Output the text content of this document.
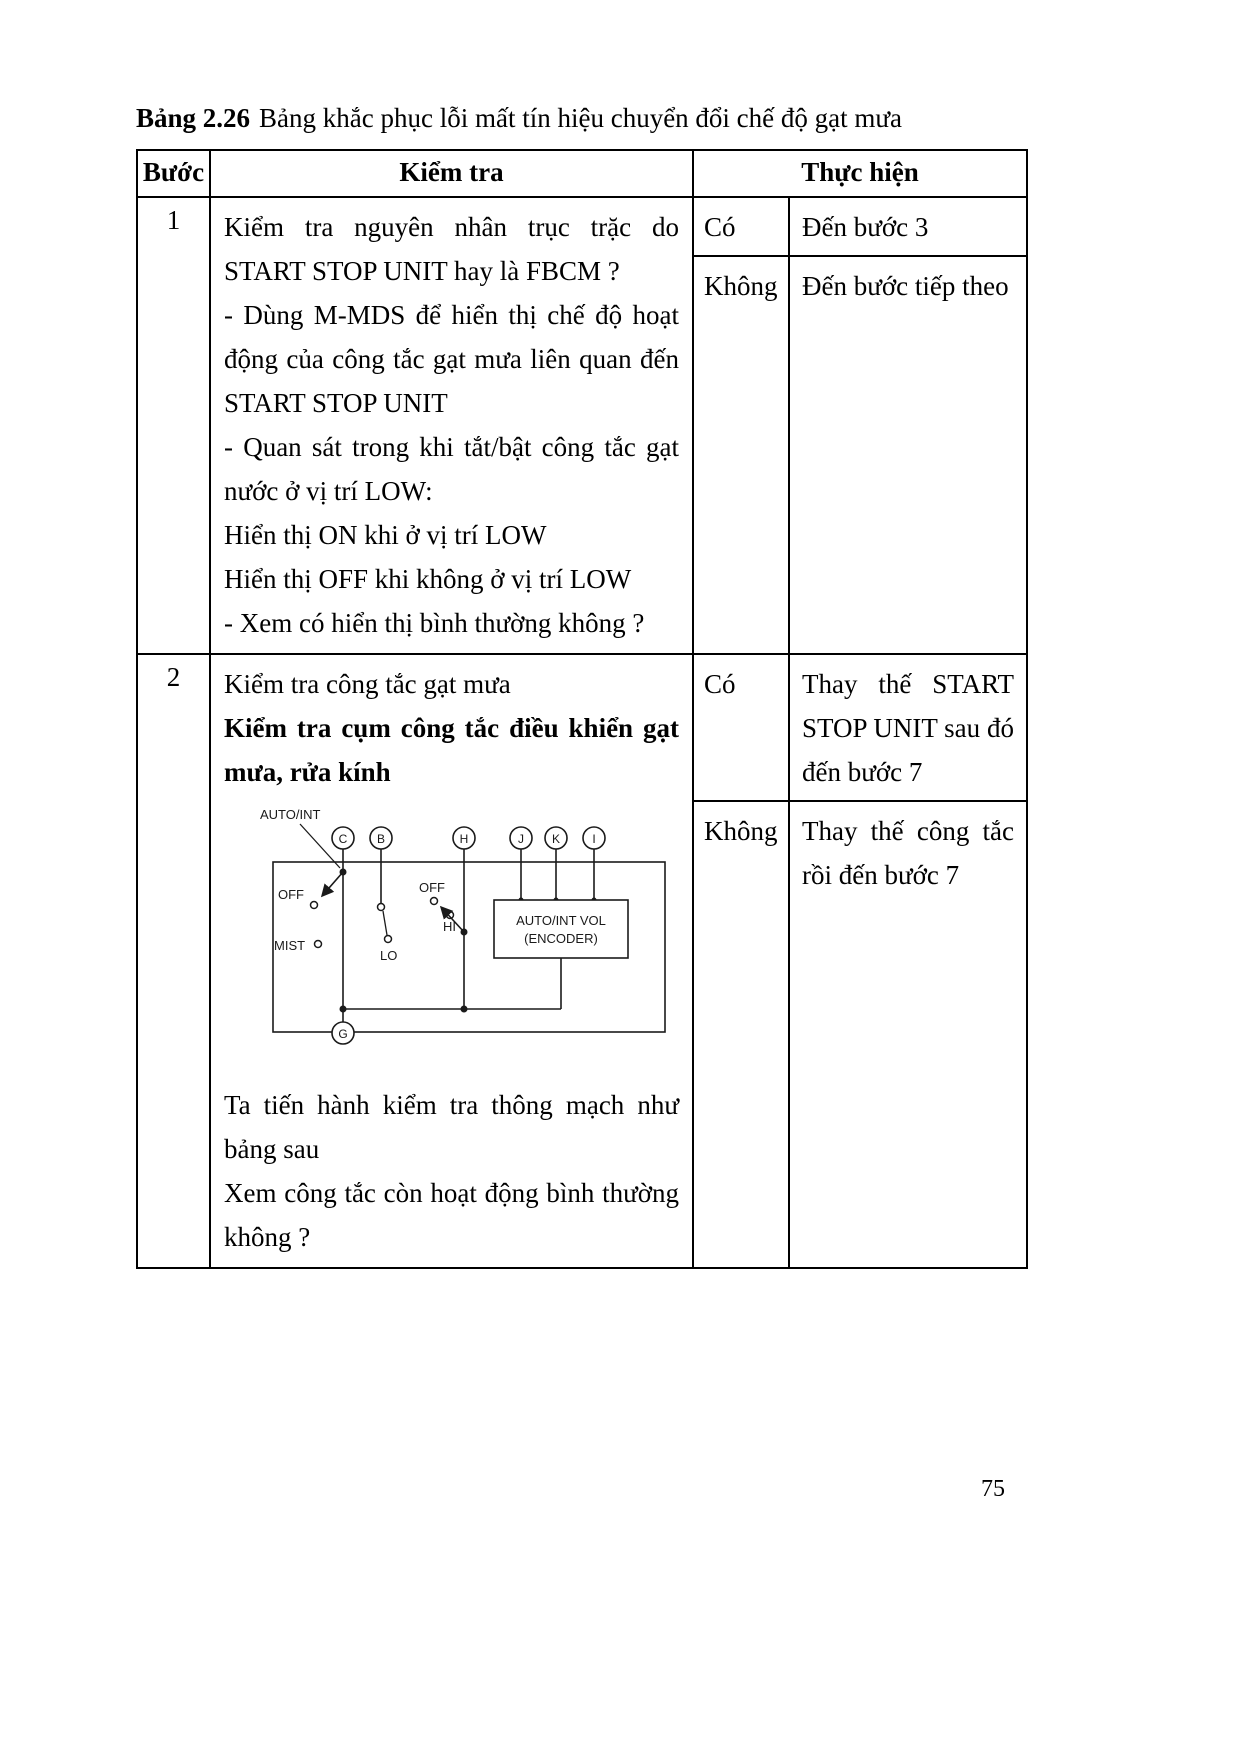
Bảng 2.26 Bảng khắc phục lỗi mất tín hiệu chuyển đổi chế độ gạt mưa

Bước	Kiểm tra	Thực hiện
1	Kiểm tra nguyên nhân trục trặc do START STOP UNIT hay là FBCM ?

- Dùng M-MDS để hiển thị chế độ hoạt động của công tắc gạt mưa liên quan đến START STOP UNIT

- Quan sát trong khi tắt/bật công tắc gạt nước ở vị trí LOW:

Hiển thị ON khi ở vị trí LOW

Hiển thị OFF khi không ở vị trí LOW

- Xem có hiển thị bình thường không ?

Có	Đến bước 3
Không Đến bước tiếp theo
2	Kiểm tra công tắc gạt mưa

Kiểm tra cụm công tắc điều khiển gạt mưa, rửa kính

AUTO/INT
OFF
MIST
LO
OFF
HI	AUTO/INT VOL
(ENCODER)
C B	H	J K	I
G

Ta tiến hành kiểm tra thông mạch như bảng sau

Xem công tắc còn hoạt động bình thường không ?

Có	Thay thế START STOP UNIT sau đó đến bước 7
Không Thay thế công tắc rồi đến bước 7
75
